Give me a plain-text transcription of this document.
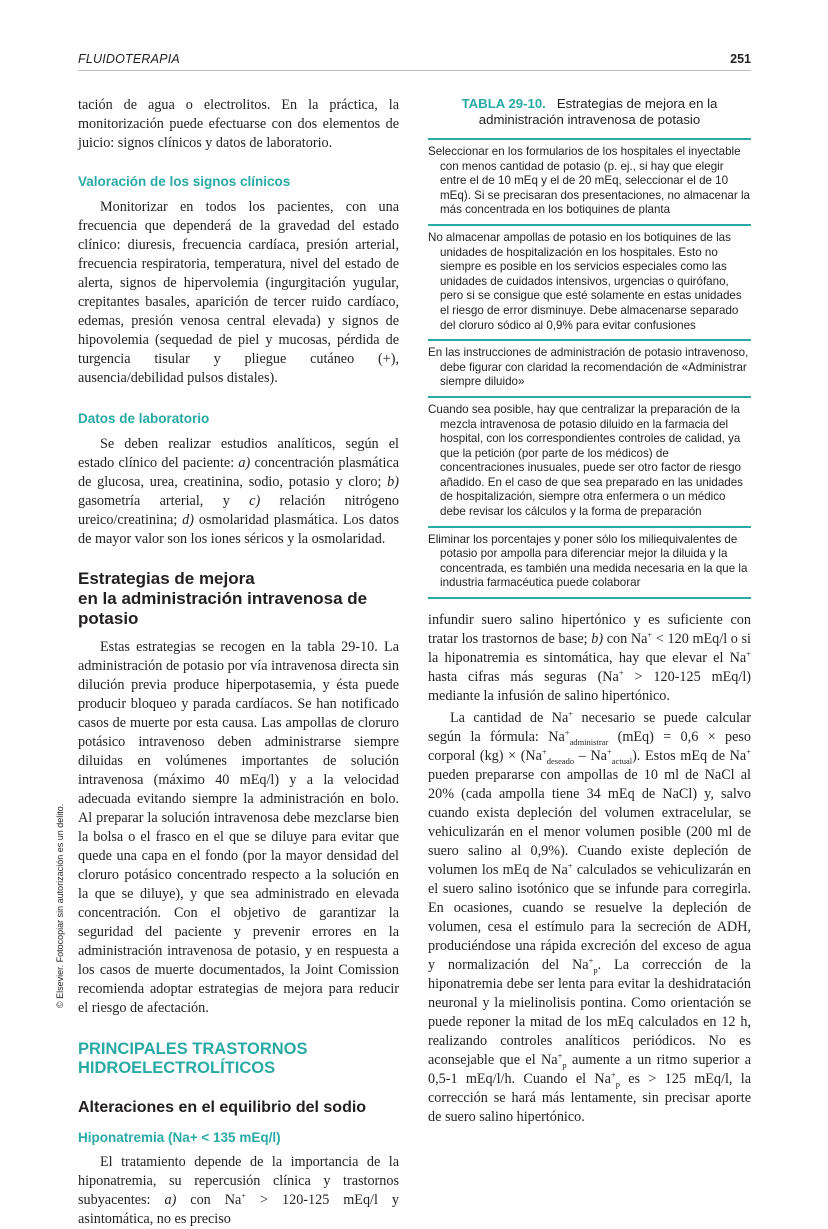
FLUIDOTERAPIA	251

tación de agua o electrolitos. En la práctica, la monitorización puede efectuarse con dos elementos de juicio: signos clínicos y datos de laboratorio.

Valoración de los signos clínicos

Monitorizar en todos los pacientes, con una frecuencia que dependerá de la gravedad del estado clínico: diuresis, frecuencia cardíaca, presión arterial, frecuencia respiratoria, temperatura, nivel del estado de alerta, signos de hipervolemia (ingurgitación yugular, crepitantes basales, aparición de tercer ruido cardíaco, edemas, presión venosa central elevada) y signos de hipovolemia (sequedad de piel y mucosas, pérdida de turgencia tisular y pliegue cutáneo (+), ausencia/debilidad pulsos distales).

Datos de laboratorio

Se deben realizar estudios analíticos, según el estado clínico del paciente: a) concentración plasmática de glucosa, urea, creatinina, sodio, potasio y cloro; b) gasometría arterial, y c) relación nitrógeno ureico/creatinina; d) osmolaridad plasmática. Los datos de mayor valor son los iones séricos y la osmolaridad.

Estrategias de mejora
en la administración intravenosa de potasio

Estas estrategias se recogen en la tabla 29-10. La administración de potasio por vía intravenosa directa sin dilución previa produce hiperpotasemia, y ésta puede producir bloqueo y parada cardíacos. Se han notificado casos de muerte por esta causa. Las ampollas de cloruro potásico intravenoso deben administrarse siempre diluidas en volúmenes importantes de solución intravenosa (máximo 40 mEq/l) y a la velocidad adecuada evitando siempre la administración en bolo. Al preparar la solución intravenosa debe mezclarse bien la bolsa o el frasco en el que se diluye para evitar que quede una capa en el fondo (por la mayor densidad del cloruro potásico concentrado respecto a la solución en la que se diluye), y que sea administrado en elevada concentración. Con el objetivo de garantizar la seguridad del paciente y prevenir errores en la administración intravenosa de potasio, y en respuesta a los casos de muerte documentados, la Joint Comission recomienda adoptar estrategias de mejora para reducir el riesgo de afectación.

PRINCIPALES TRASTORNOS
HIDROELECTROLÍTICOS
Alteraciones en el equilibrio del sodio
Hiponatremia (Na+ < 135 mEq/l)

El tratamiento depende de la importancia de la hiponatremia, su repercusión clínica y trastornos subyacentes: a) con Na+ > 120-125 mEq/l y asintomática, no es preciso

TABLA 29-10. Estrategias de mejora en la administración intravenosa de potasio
Seleccionar en los formularios de los hospitales el inyectable con menos cantidad de potasio (p. ej., si hay que elegir entre el de 10 mEq y el de 20 mEq, seleccionar el de 10 mEq). Si se precisaran dos presentaciones, no almacenar la más concentrada en los botiquines de planta
No almacenar ampollas de potasio en los botiquines de las unidades de hospitalización en los hospitales. Esto no siempre es posible en los servicios especiales como las unidades de cuidados intensivos, urgencias o quirófano, pero si se consigue que esté solamente en estas unidades el riesgo de error disminuye. Debe almacenarse separado del cloruro sódico al 0,9% para evitar confusiones
En las instrucciones de administración de potasio intravenoso, debe figurar con claridad la recomendación de «Administrar siempre diluido»
Cuando sea posible, hay que centralizar la preparación de la mezcla intravenosa de potasio diluido en la farmacia del hospital, con los correspondientes controles de calidad, ya que la petición (por parte de los médicos) de concentraciones inusuales, puede ser otro factor de riesgo añadido. En el caso de que sea preparado en las unidades de hospitalización, siempre otra enfermera o un médico debe revisar los cálculos y la forma de preparación
Eliminar los porcentajes y poner sólo los miliequivalentes de potasio por ampolla para diferenciar mejor la diluida y la concentrada, es también una medida necesaria en la que la industria farmacéutica puede colaborar

infundir suero salino hipertónico y es suficiente con tratar los trastornos de base; b) con Na+ < 120 mEq/l o si la hiponatremia es sintomática, hay que elevar el Na+ hasta cifras más seguras (Na+ > 120-125 mEq/l) mediante la infusión de salino hipertónico.

La cantidad de Na+ necesario se puede calcular según la fórmula: $Na^+_{administrar}$ (mEq) = 0,6 × peso corporal $(kg) \times (Na^+_{deseado} - Na^+_{actual})$. Estos mEq de Na+ pueden prepararse con ampollas de 10 ml de NaCl al 20% (cada ampolla tiene 34 mEq de NaCl) y, salvo cuando exista depleción del volumen extracelular, se vehiculizarán en el menor volumen posible (200 ml de suero salino al 0,9%). Cuando existe depleción de volumen los mEq de Na+ calculados se vehiculizarán en el suero salino isotónico que se infunde para corregirla. En ocasiones, cuando se resuelve la depleción de volumen, cesa el estímulo para la secreción de ADH, produciéndose una rápida excreción del exceso de agua y normalización del $Na^+_p$. La corrección de la hiponatremia debe ser lenta para evitar la deshidratación neuronal y la mielinolisis pontina. Como orientación se puede reponer la mitad de los mEq calculados en 12 h, realizando controles analíticos periódicos. No es aconsejable que el $Na^+_p$ aumente a un ritmo superior a 0,5-1 mEq/l/h. Cuando el $Na^+_p$ es > 125 mEq/l, la corrección se hará más lentamente, sin precisar aporte de suero salino hipertónico.

© Elsevier. Fotocopiar sin autorización es un delito.
